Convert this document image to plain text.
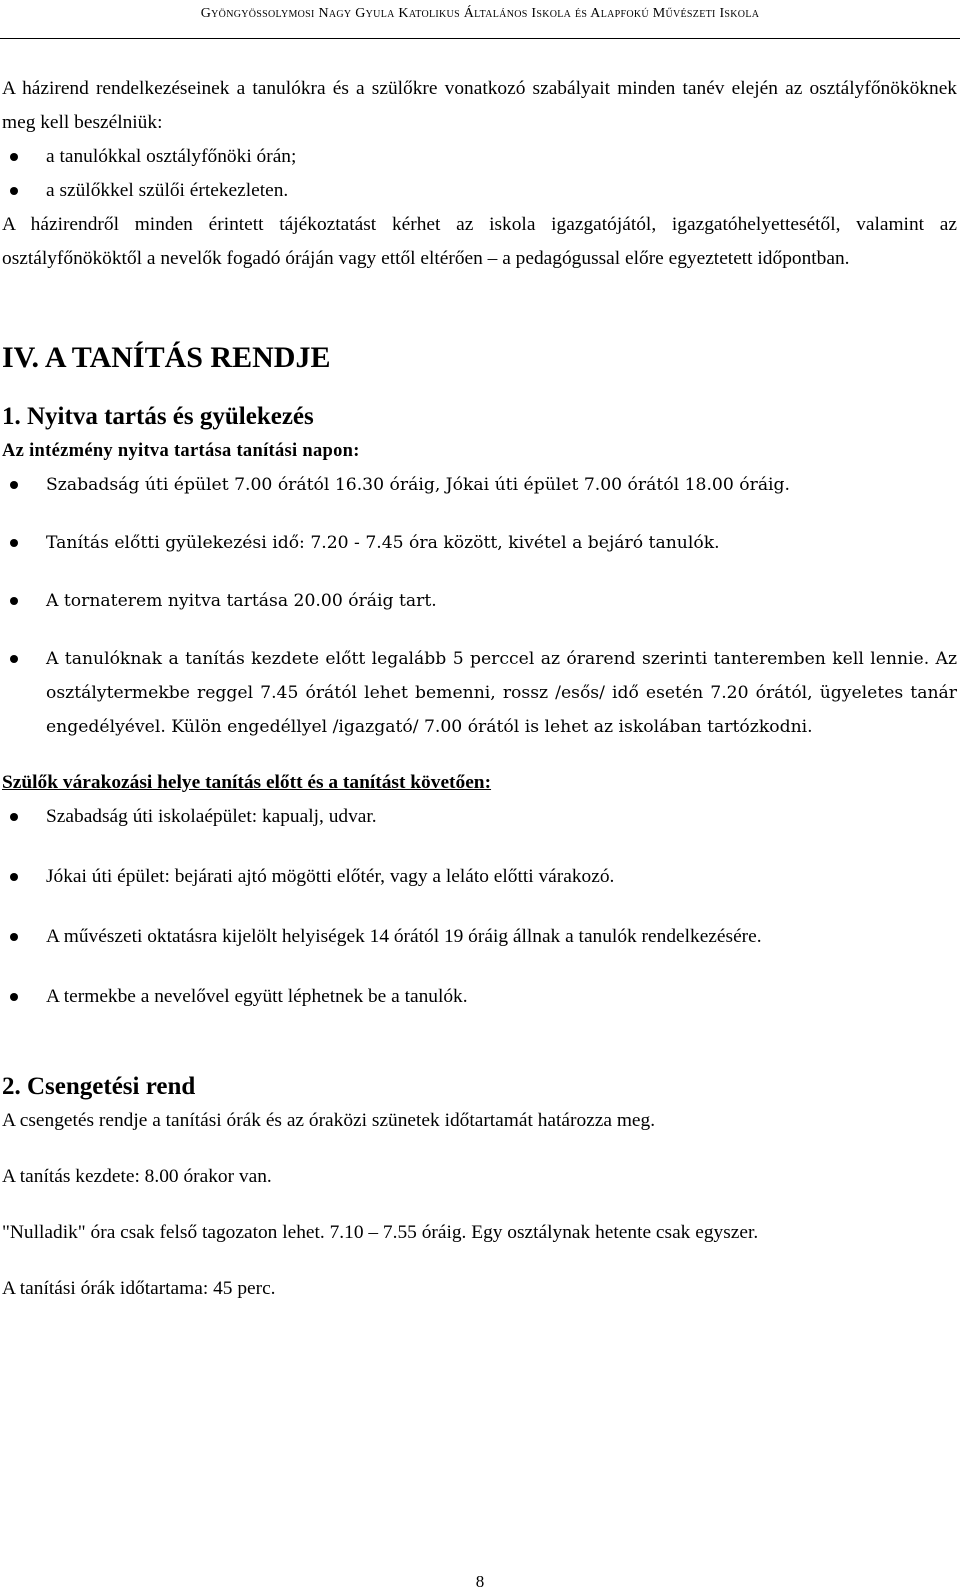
Gyöngyössolymosi Nagy Gyula Katolikus Általános Iskola és Alapfokú Művészeti Iskola

A házirend rendelkezéseinek a tanulókra és a szülőkre vonatkozó szabályait minden tanév elején az osztályfőnököknek meg kell beszélniük:

a tanulókkal osztályfőnöki órán;
a szülőkkel szülői értekezleten.

A házirendről minden érintett tájékoztatást kérhet az iskola igazgatójától, igazgatóhelyettesétől, valamint az osztályfőnököktől a nevelők fogadó óráján vagy ettől eltérően – a pedagógussal előre egyeztetett időpontban.

IV. A TANÍTÁS RENDJE
1. Nyitva tartás és gyülekezés
Az intézmény nyitva tartása tanítási napon:
Szabadság úti épület 7.00 órától 16.30 óráig, Jókai úti épület 7.00 órától 18.00 óráig.
Tanítás előtti gyülekezési idő: 7.20 - 7.45 óra között, kivétel a bejáró tanulók.
A tornaterem nyitva tartása 20.00 óráig tart.
A tanulóknak a tanítás kezdete előtt legalább 5 perccel az órarend szerinti tanteremben kell lennie. Az osztálytermekbe reggel 7.45 órától lehet bemenni, rossz /esős/ idő esetén 7.20 órától, ügyeletes tanár engedélyével. Külön engedéllyel /igazgató/ 7.00 órától is lehet az iskolában tartózkodni.
Szülők várakozási helye tanítás előtt és a tanítást követően:
Szabadság úti iskolaépület: kapualj, udvar.
Jókai úti épület: bejárati ajtó mögötti előtér, vagy a leláto előtti várakozó.
A művészeti oktatásra kijelölt helyiségek 14 órától 19 óráig állnak a tanulók rendelkezésére.
A termekbe a nevelővel együtt léphetnek be a tanulók.
2. Csengetési rend

A csengetés rendje a tanítási órák és az óraközi szünetek időtartamát határozza meg.

A tanítás kezdete: 8.00 órakor van.

"Nulladik" óra csak felső tagozaton lehet. 7.10 – 7.55 óráig. Egy osztálynak hetente csak egyszer.

A tanítási órák időtartama: 45 perc.

8
